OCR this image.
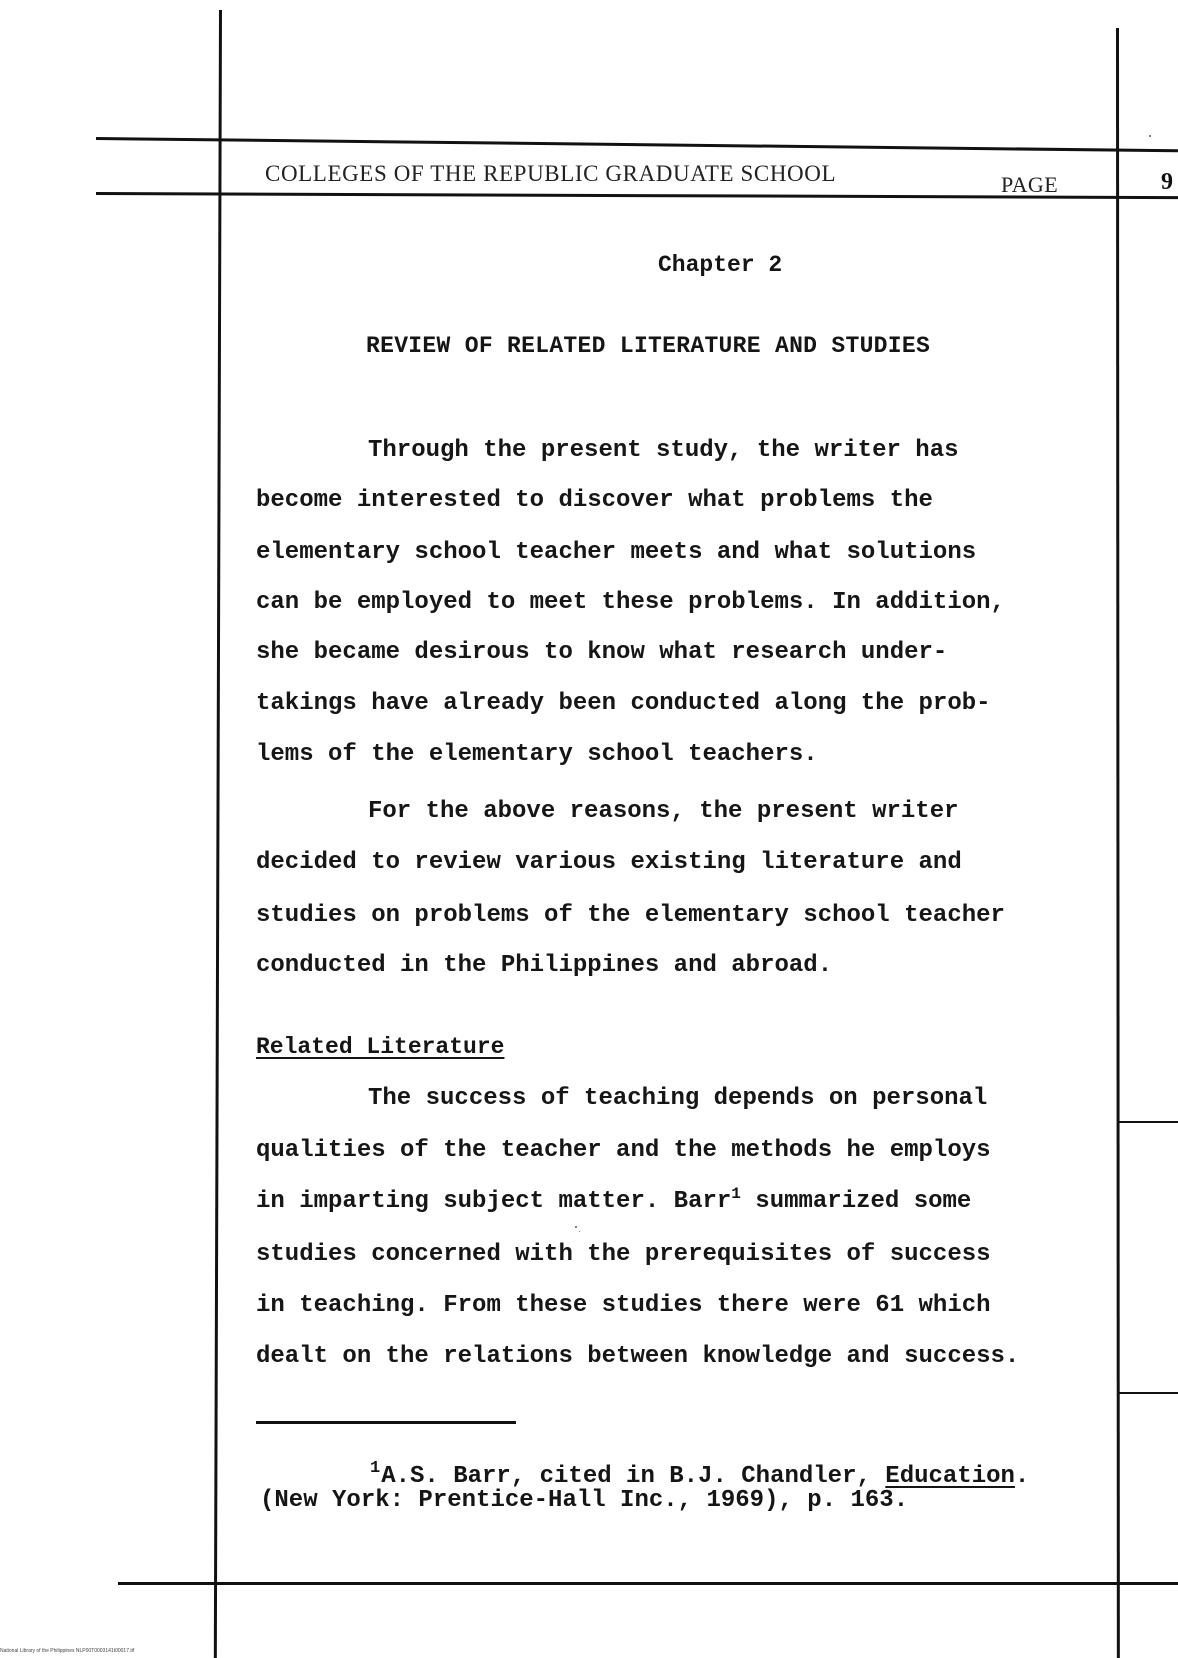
COLLEGES OF THE REPUBLIC GRADUATE SCHOOL	PAGE	9
Chapter 2
REVIEW OF RELATED LITERATURE AND STUDIES
Through the present study, the writer has
become interested to discover what problems the
elementary school teacher meets and what solutions
can be employed to meet these problems. In addition,
she became desirous to know what research under-
takings have already been conducted along the prob-
lems of the elementary school teachers.
For the above reasons, the present writer
decided to review various existing literature and
studies on problems of the elementary school teacher
conducted in the Philippines and abroad.
Related Literature
The success of teaching depends on personal
qualities of the teacher and the methods he employs
in imparting subject matter. Barr$^1$ summarized some
studies concerned with the prerequisites of success
in teaching. From these studies there were 61 which
dealt on the relations between knowledge and success.
$^1$A.S. Barr, cited in B.J. Chandler, Education.
(New York: Prentice-Hall Inc., 1969), p. 163.
National Library of the Philippines NLP00T0003141t00017.tif
